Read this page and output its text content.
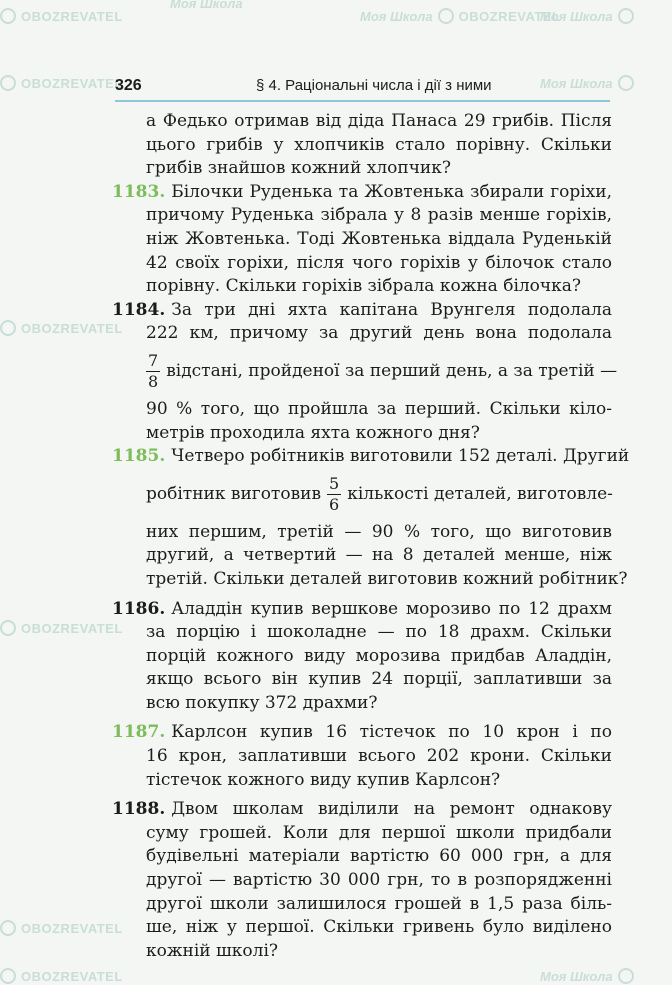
OBOZREVATEL
Моя Школа
Моя Школа OBOZREVATEL
Моя Школа
OBOZREVATEL	Моя Школа
OBOZREVATEL
OBOZREVATEL
OBOZREVATEL
OBOZREVATEL	Моя Школа
326	§ 4. Раціональні числа і дії з ними
а Федько отримав від діда Панаса 29 грибів. Після
цього грибів у хлопчиків стало порівну. Скільки
грибів знайшов кожний хлопчик?
1183. Білочки Руденька та Жовтенька збирали горіхи,
причому Руденька зібрала у 8 разів менше горіхів,
ніж Жовтенька. Тоді Жовтенька віддала Руденькій
42 своїх горіхи, після чого горіхів у білочок стало
порівну. Скільки горіхів зібрала кожна білочка?
1184. За три дні яхта капітана Врунгеля подолала
222 км, причому за другий день вона подолала
$\frac{7}{8}$ відстані, пройденої за перший день, а за третій —
90 % того, що пройшла за перший. Скільки кіло-
метрів проходила яхта кожного дня?
1185. Четверо робітників виготовили 152 деталі. Другий
робітник виготовив $\frac{5}{6}$ кількості деталей, виготовле-
них першим, третій — 90 % того, що виготовив
другий, а четвертий — на 8 деталей менше, ніж
третій. Скільки деталей виготовив кожний робітник?
1186. Аладдін купив вершкове морозиво по 12 драхм
за порцію і шоколадне — по 18 драхм. Скільки
порцій кожного виду морозива придбав Аладдін,
якщо всього він купив 24 порції, заплативши за
всю покупку 372 драхми?
1187. Карлсон купив 16 тістечок по 10 крон і по
16 крон, заплативши всього 202 крони. Скільки
тістечок кожного виду купив Карлсон?
1188. Двом школам виділили на ремонт однакову
суму грошей. Коли для першої школи придбали
будівельні матеріали вартістю 60 000 грн, а для
другої — вартістю 30 000 грн, то в розпорядженні
другої школи залишилося грошей в 1,5 раза біль-
ше, ніж у першої. Скільки гривень було виділено
кожній школі?
